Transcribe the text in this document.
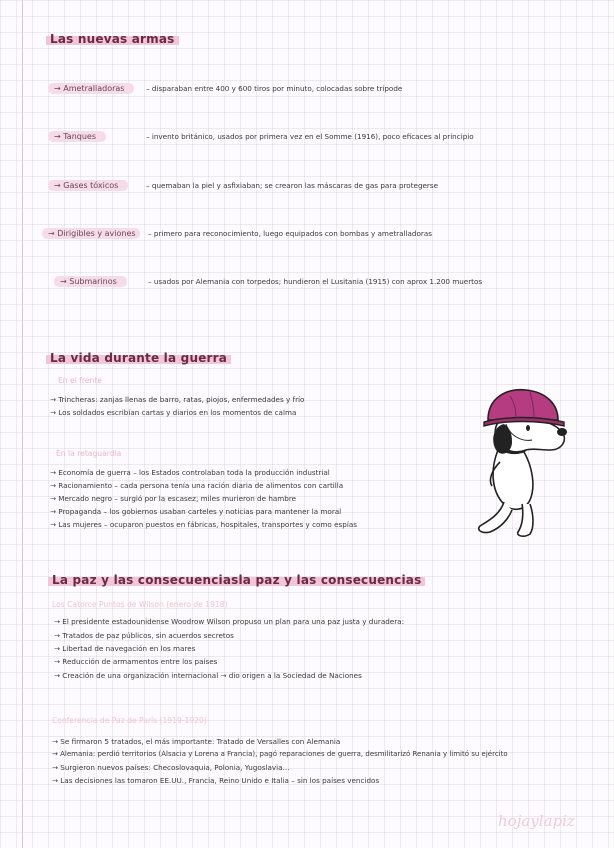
Las nuevas armas
→ Ametralladoras	– disparaban entre 400 y 600 tiros por minuto, colocadas sobre trípode
→ Tanques	– invento británico, usados por primera vez en el Somme (1916), poco eficaces al principio
→ Gases tóxicos	– quemaban la piel y asfixiaban; se crearon las máscaras de gas para protegerse
→ Dirigibles y aviones	– primero para reconocimiento, luego equipados con bombas y ametralladoras
→ Submarinos	– usados por Alemania con torpedos; hundieron el Lusitania (1915) con aprox 1.200 muertos
La vida durante la guerra
En el frente
→ Trincheras: zanjas llenas de barro, ratas, piojos, enfermedades y frío
→ Los soldados escribían cartas y diarios en los momentos de calma
En la retaguardia
→ Economía de guerra – los Estados controlaban toda la producción industrial
→ Racionamiento – cada persona tenía una ración diaria de alimentos con cartilla
→ Mercado negro – surgió por la escasez; miles murieron de hambre
→ Propaganda – los gobiernos usaban carteles y noticias para mantener la moral
→ Las mujeres – ocuparon puestos en fábricas, hospitales, transportes y como espías
La paz y las consecuenciasla paz y las consecuencias
Los Catorce Puntos de Wilson (enero de 1918)
→ El presidente estadounidense Woodrow Wilson propuso un plan para una paz justa y duradera:
→ Tratados de paz públicos, sin acuerdos secretos
→ Libertad de navegación en los mares
→ Reducción de armamentos entre los países
→ Creación de una organización internacional → dio origen a la Sociedad de Naciones
Conferencia de Paz de París (1919-1920)
→ Se firmaron 5 tratados, el más importante: Tratado de Versalles con Alemania
→ Alemania: perdió territorios (Alsacia y Lorena a Francia), pagó reparaciones de guerra, desmilitarizó Renania y limitó su ejército
→ Surgieron nuevos países: Checoslovaquia, Polonia, Yugoslavia...
→ Las decisiones las tomaron EE.UU., Francia, Reino Unido e Italia – sin los países vencidos
hojaylapiz
